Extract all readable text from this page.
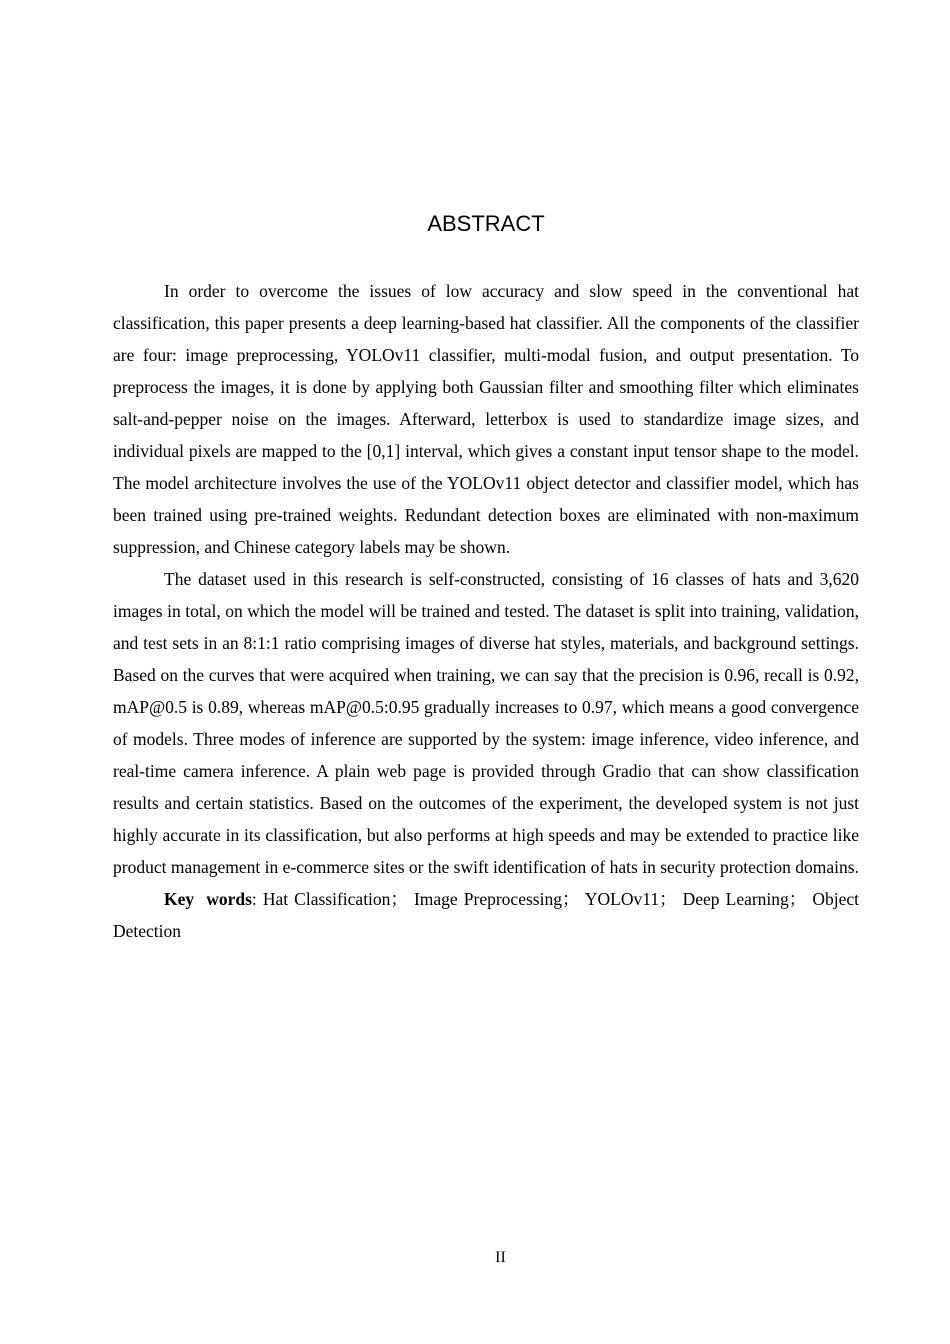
ABSTRACT

In order to overcome the issues of low accuracy and slow speed in the conventional hat classification, this paper presents a deep learning-based hat classifier. All the components of the classifier are four: image preprocessing, YOLOv11 classifier, multi-modal fusion, and output presentation. To preprocess the images, it is done by applying both Gaussian filter and smoothing filter which eliminates salt-and-pepper noise on the images. Afterward, letterbox is used to standardize image sizes, and individual pixels are mapped to the [0,1] interval, which gives a constant input tensor shape to the model. The model architecture involves the use of the YOLOv11 object detector and classifier model, which has been trained using pre-trained weights. Redundant detection boxes are eliminated with non-maximum suppression, and Chinese category labels may be shown.

The dataset used in this research is self-constructed, consisting of 16 classes of hats and 3,620 images in total, on which the model will be trained and tested. The dataset is split into training, validation, and test sets in an 8:1:1 ratio comprising images of diverse hat styles, materials, and background settings. Based on the curves that were acquired when training, we can say that the precision is 0.96, recall is 0.92, mAP@0.5 is 0.89, whereas mAP@0.5:0.95 gradually increases to 0.97, which means a good convergence of models. Three modes of inference are supported by the system: image inference, video inference, and real-time camera inference. A plain web page is provided through Gradio that can show classification results and certain statistics. Based on the outcomes of the experiment, the developed system is not just highly accurate in its classification, but also performs at high speeds and may be extended to practice like product management in e-commerce sites or the swift identification of hats in security protection domains.

Key words: Hat Classification； Image Preprocessing； YOLOv11； Deep Learning； Object Detection

II
